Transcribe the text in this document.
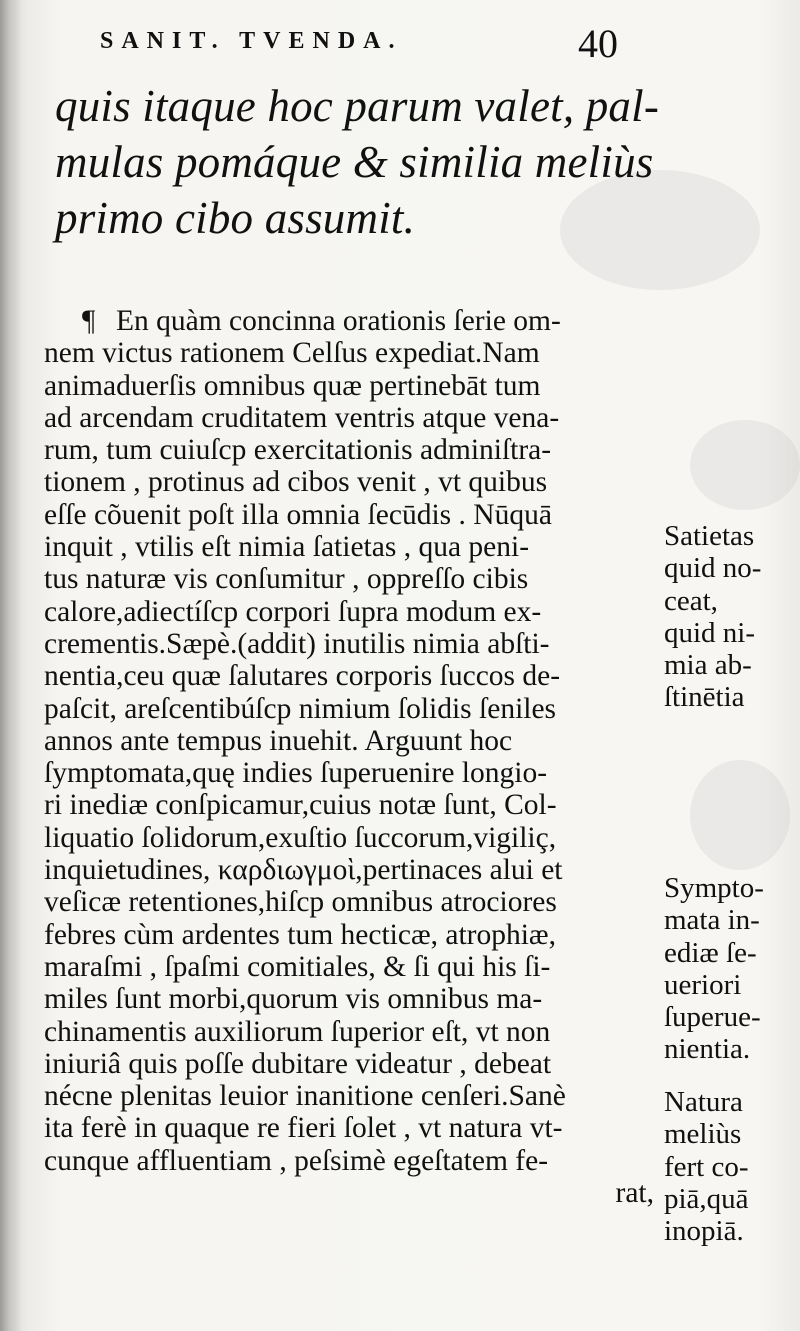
SANIT. TVENDA.	40
quis itaque hoc parum valet, pal-
mulas pomáque & similia meliùs
primo cibo assumit.
¶ En quàm concinna orationis ſerie om-
nem victus rationem Celſus expediat.Nam
animaduerſis omnibus quæ pertinebāt tum
ad arcendam cruditatem ventris atque vena-
rum, tum cuiuſcp exercitationis adminiſtra-
tionem , protinus ad cibos venit , vt quibus
eſſe cõuenit poſt illa omnia ſecūdis . Nūquā
inquit , vtilis eſt nimia ſatietas , qua peni-
tus naturæ vis conſumitur , oppreſſo cibis
calore,adiectíſcp corpori ſupra modum ex-
crementis.Sæpè.(addit) inutilis nimia abſti-
nentia,ceu quæ ſalutares corporis ſuccos de-
paſcit, areſcentibúſcp nimium ſolidis ſeniles
annos ante tempus inuehit. Arguunt hoc
ſymptomata,quę indies ſuperuenire longio-
ri inediæ conſpicamur,cuius notæ ſunt, Col-
liquatio ſolidorum,exuſtio ſuccorum,vigiliç,
inquietudines, καρδιωγμοὶ,pertinaces alui et
veſicæ retentiones,hiſcp omnibus atrociores
febres cùm ardentes tum hecticæ, atrophiæ,
maraſmi , ſpaſmi comitiales, & ſi qui his ſi-
miles ſunt morbi,quorum vis omnibus ma-
chinamentis auxiliorum ſuperior eſt, vt non
iniuriâ quis poſſe dubitare videatur , debeat
nécne plenitas leuior inanitione cenſeri.Sanè
ita ferè in quaque re fieri ſolet , vt natura vt-
cunque affluentiam , peſsimè egeſtatem fe-
rat,
Satietas
quid no-
ceat,
quid ni-
mia ab-
ſtinētia
Sympto-
mata in-
ediæ ſe-
ueriori
ſuperue-
nientia.
Natura
meliùs
fert co-
piā,quā
inopiā.
